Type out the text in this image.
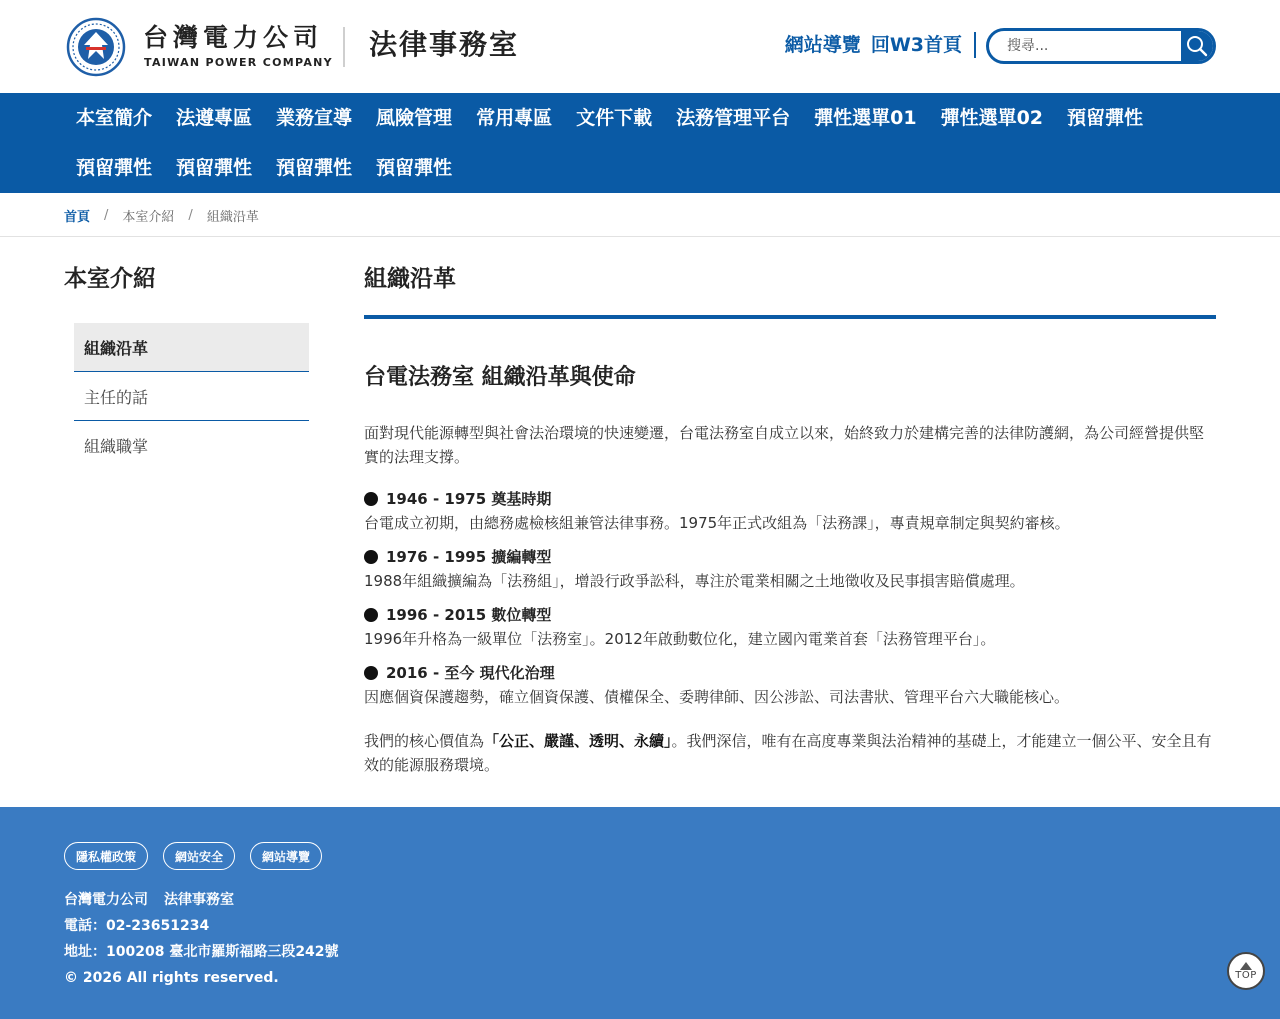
台灣電力公司
TAIWAN POWER COMPANY
法律事務室	網站導覽 回W3首頁
搜尋...
本室簡介	法遵專區	業務宣導	風險管理	常用專區	文件下載	法務管理平台	彈性選單01	彈性選單02	預留彈性
預留彈性	預留彈性	預留彈性	預留彈性
首頁 / 本室介紹 / 組織沿革
本室介紹
組織沿革
主任的話
組織職掌
組織沿革
台電法務室 組織沿革與使命

面對現代能源轉型與社會法治環境的快速變遷，台電法務室自成立以來，始終致力於建構完善的法律防護網，為公司經營提供堅實的法理支撐。

1946 - 1975 奠基時期

台電成立初期，由總務處檢核組兼管法律事務。1975年正式改組為「法務課」，專責規章制定與契約審核。

1976 - 1995 擴編轉型

1988年組織擴編為「法務組」，增設行政爭訟科，專注於電業相關之土地徵收及民事損害賠償處理。

1996 - 2015 數位轉型

1996年升格為一級單位「法務室」。2012年啟動數位化，建立國內電業首套「法務管理平台」。

2016 - 至今 現代化治理

因應個資保護趨勢，確立個資保護、債權保全、委聘律師、因公涉訟、司法書狀、管理平台六大職能核心。

我們的核心價值為「公正、嚴謹、透明、永續」。我們深信，唯有在高度專業與法治精神的基礎上，才能建立一個公平、安全且有效的能源服務環境。

隱私權政策	網站安全	網站導覽
台灣電力公司 法律事務室
電話：02-23651234
地址：100208 臺北市羅斯福路三段242號
© 2026 All rights reserved.	TOP
